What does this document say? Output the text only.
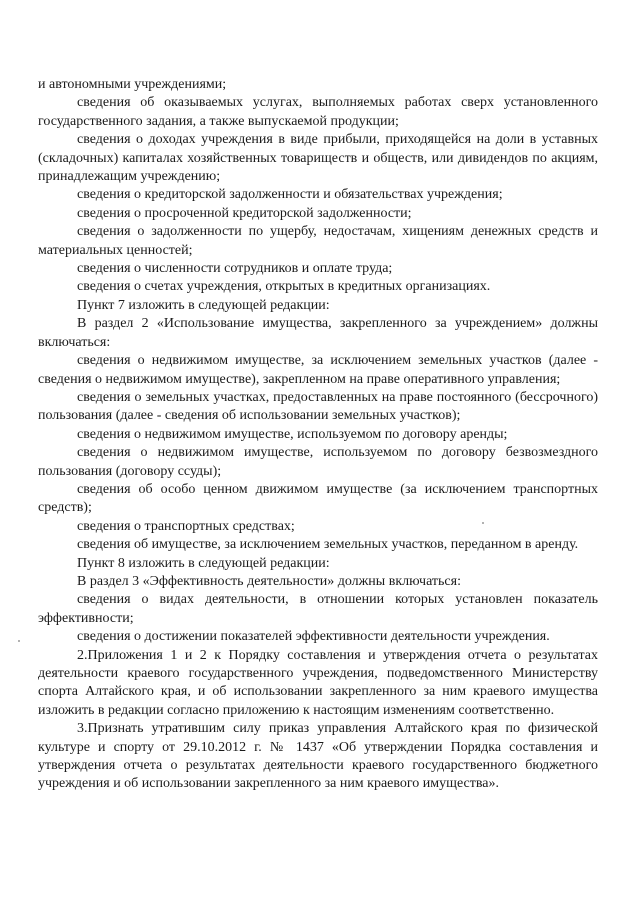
и автономными учреждениями;

сведения об оказываемых услугах, выполняемых работах сверх установленного государственного задания, а также выпускаемой продукции;

сведения о доходах учреждения в виде прибыли, приходящейся на доли в уставных (складочных) капиталах хозяйственных товариществ и обществ, или дивидендов по акциям, принадлежащим учреждению;

сведения о кредиторской задолженности и обязательствах учреждения;

сведения о просроченной кредиторской задолженности;

сведения о задолженности по ущербу, недостачам, хищениям денежных средств и материальных ценностей;

сведения о численности сотрудников и оплате труда;

сведения о счетах учреждения, открытых в кредитных организациях.

Пункт 7 изложить в следующей редакции:

В раздел 2 «Использование имущества, закрепленного за учреждением» должны включаться:

сведения о недвижимом имуществе, за исключением земельных участков (далее - сведения о недвижимом имуществе), закрепленном на праве оперативного управления;

сведения о земельных участках, предоставленных на праве постоянного (бессрочного) пользования (далее - сведения об использовании земельных участков);

сведения о недвижимом имуществе, используемом по договору аренды;

сведения о недвижимом имуществе, используемом по договору безвозмездного пользования (договору ссуды);

сведения об особо ценном движимом имуществе (за исключением транспортных средств);

сведения о транспортных средствах;

сведения об имуществе, за исключением земельных участков, переданном в аренду.

Пункт 8 изложить в следующей редакции:

В раздел 3 «Эффективность деятельности» должны включаться:

сведения о видах деятельности, в отношении которых установлен показатель эффективности;

сведения о достижении показателей эффективности деятельности учреждения.

2.Приложения 1 и 2 к Порядку составления и утверждения отчета о результатах деятельности краевого государственного учреждения, подведомственного Министерству спорта Алтайского края, и об использовании закрепленного за ним краевого имущества изложить в редакции согласно приложению к настоящим изменениям соответственно.

3.Признать утратившим силу приказ управления Алтайского края по физической культуре и спорту от 29.10.2012 г. № 1437 «Об утверждении Порядка составления и утверждения отчета о результатах деятельности краевого государственного бюджетного учреждения и об использовании закрепленного за ним краевого имущества».
